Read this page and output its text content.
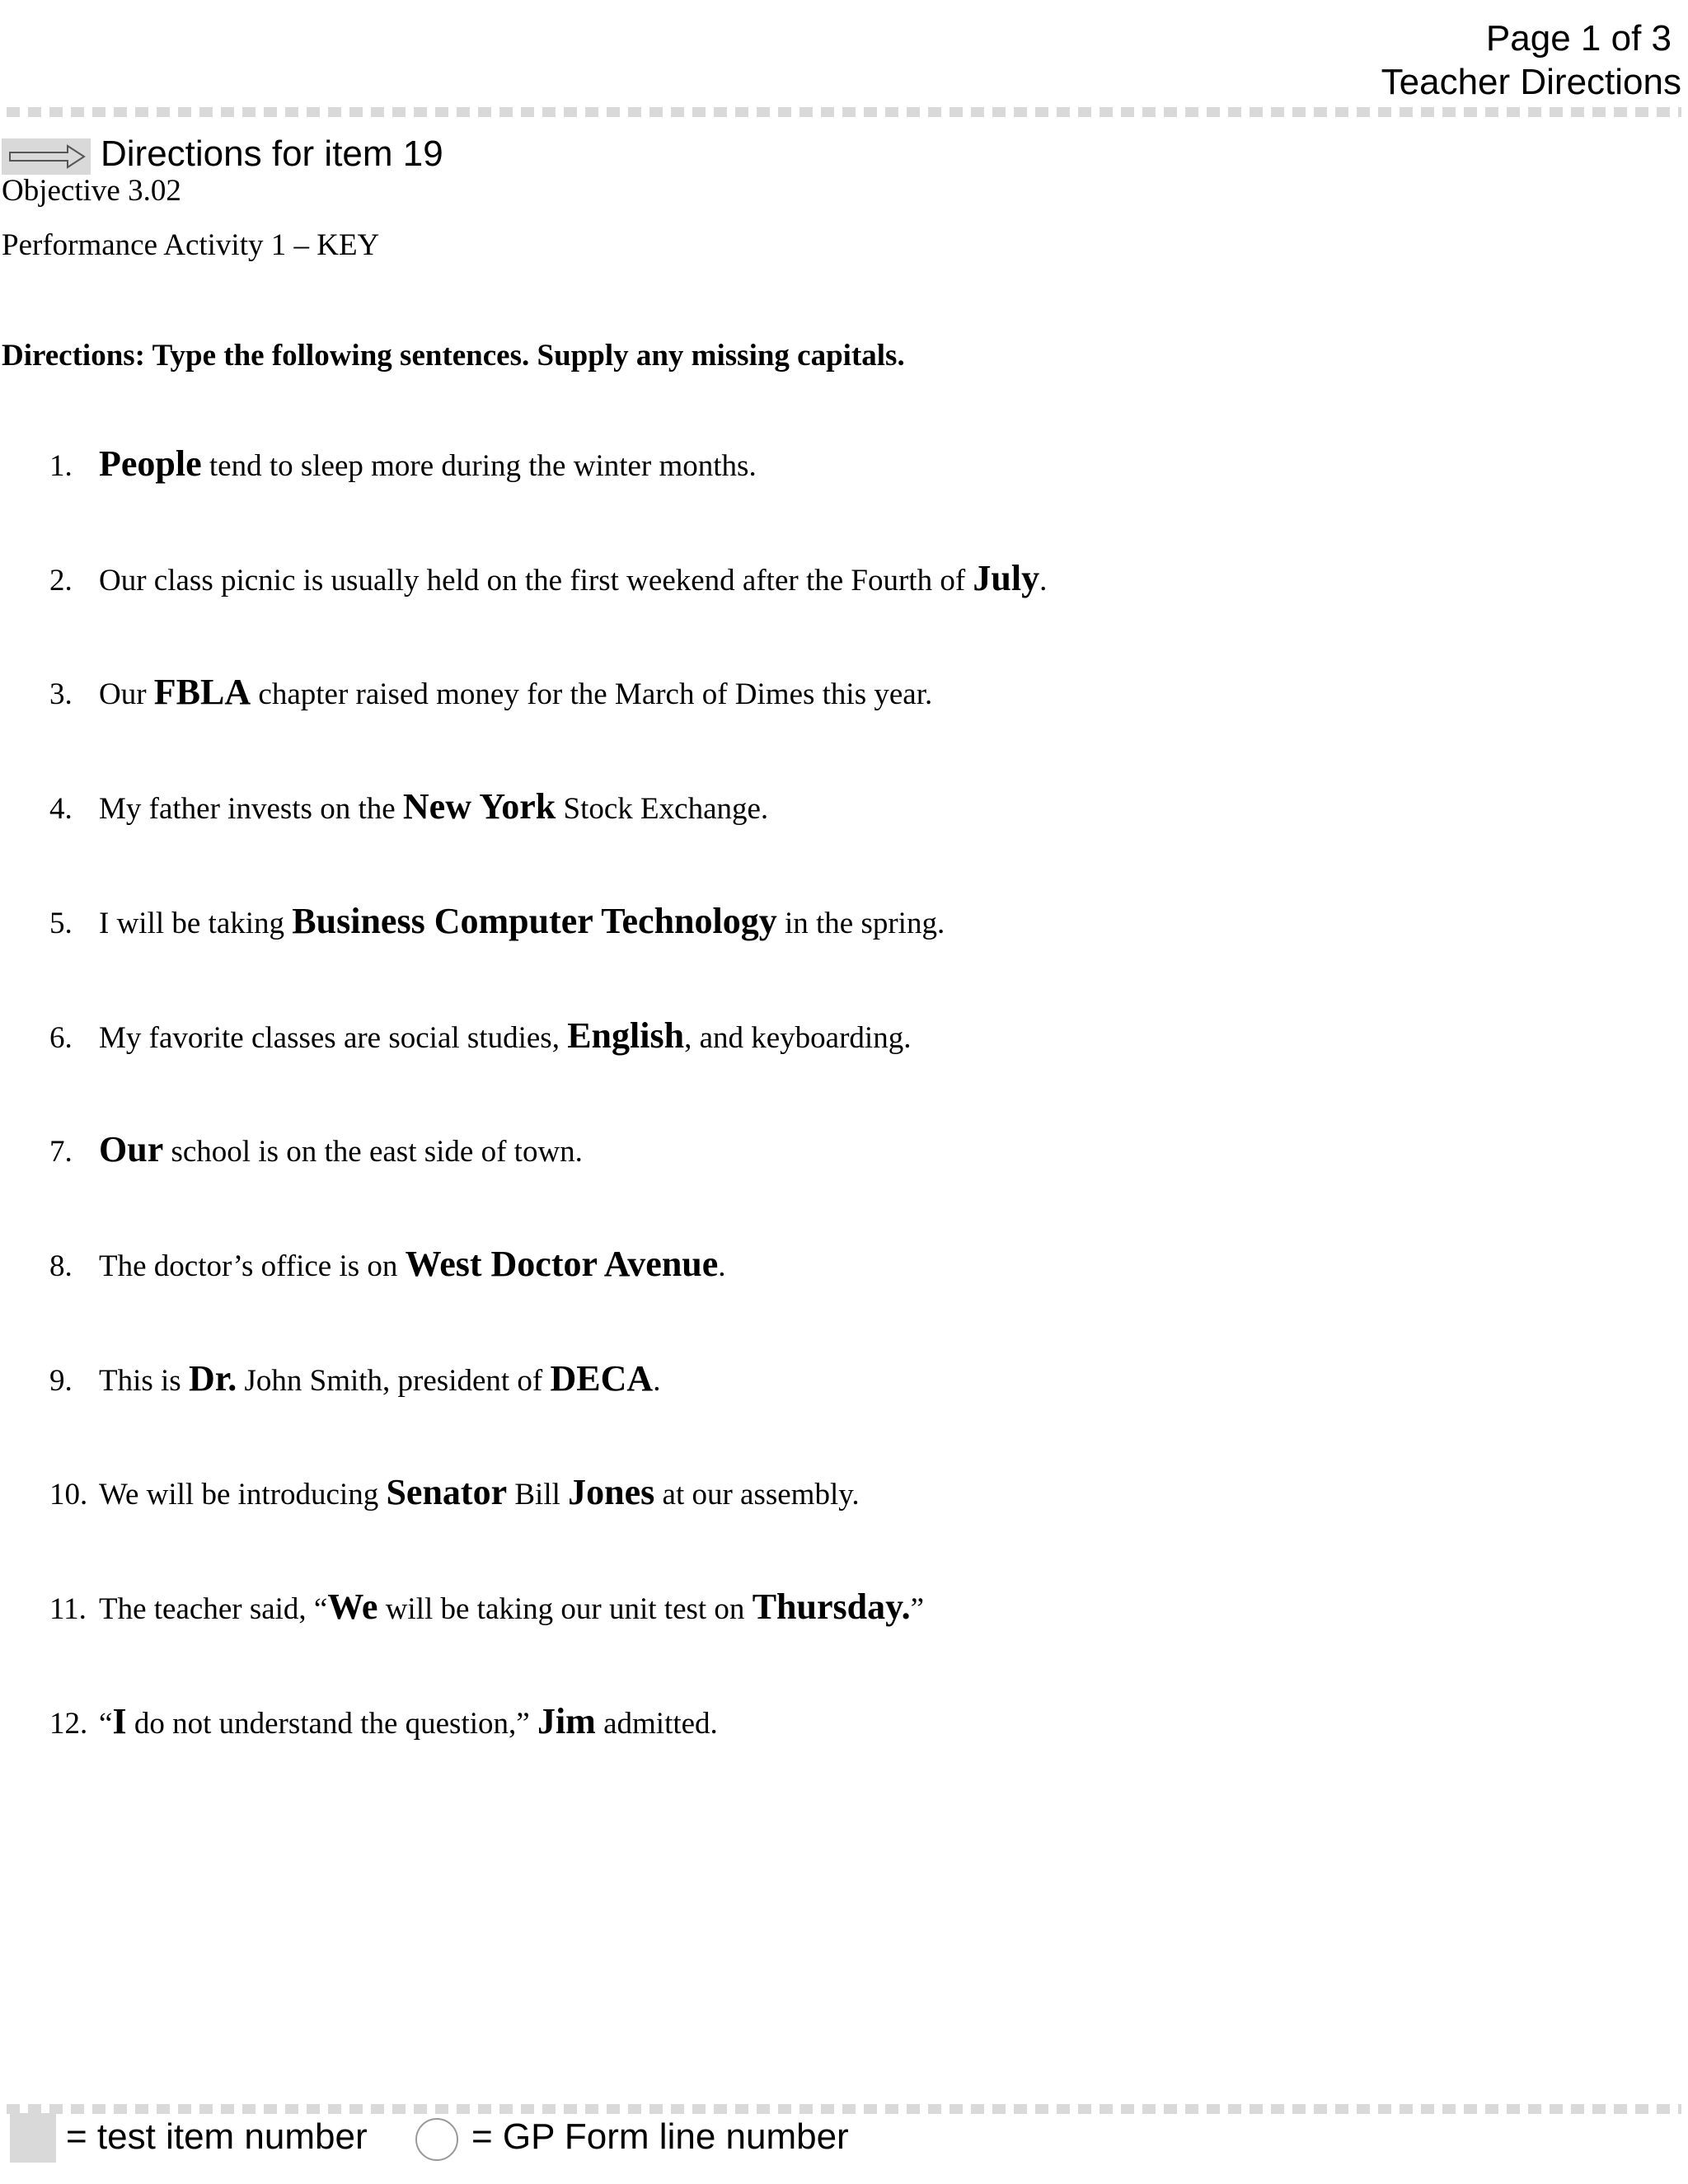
Page 1 of 3
Teacher Directions
Directions for item 19
Objective 3.02
Performance Activity 1 – KEY
Directions: Type the following sentences. Supply any missing capitals.
1. People tend to sleep more during the winter months.
2. Our class picnic is usually held on the first weekend after the Fourth of July.
3. Our FBLA chapter raised money for the March of Dimes this year.
4. My father invests on the New York Stock Exchange.
5. I will be taking Business Computer Technology in the spring.
6. My favorite classes are social studies, English, and keyboarding.
7. Our school is on the east side of town.
8. The doctor’s office is on West Doctor Avenue.
9. This is Dr. John Smith, president of DECA.
10. We will be introducing Senator Bill Jones at our assembly.
11. The teacher said, “We will be taking our unit test on Thursday.”
12. “I do not understand the question,” Jim admitted.
= test item number	= GP Form line number
